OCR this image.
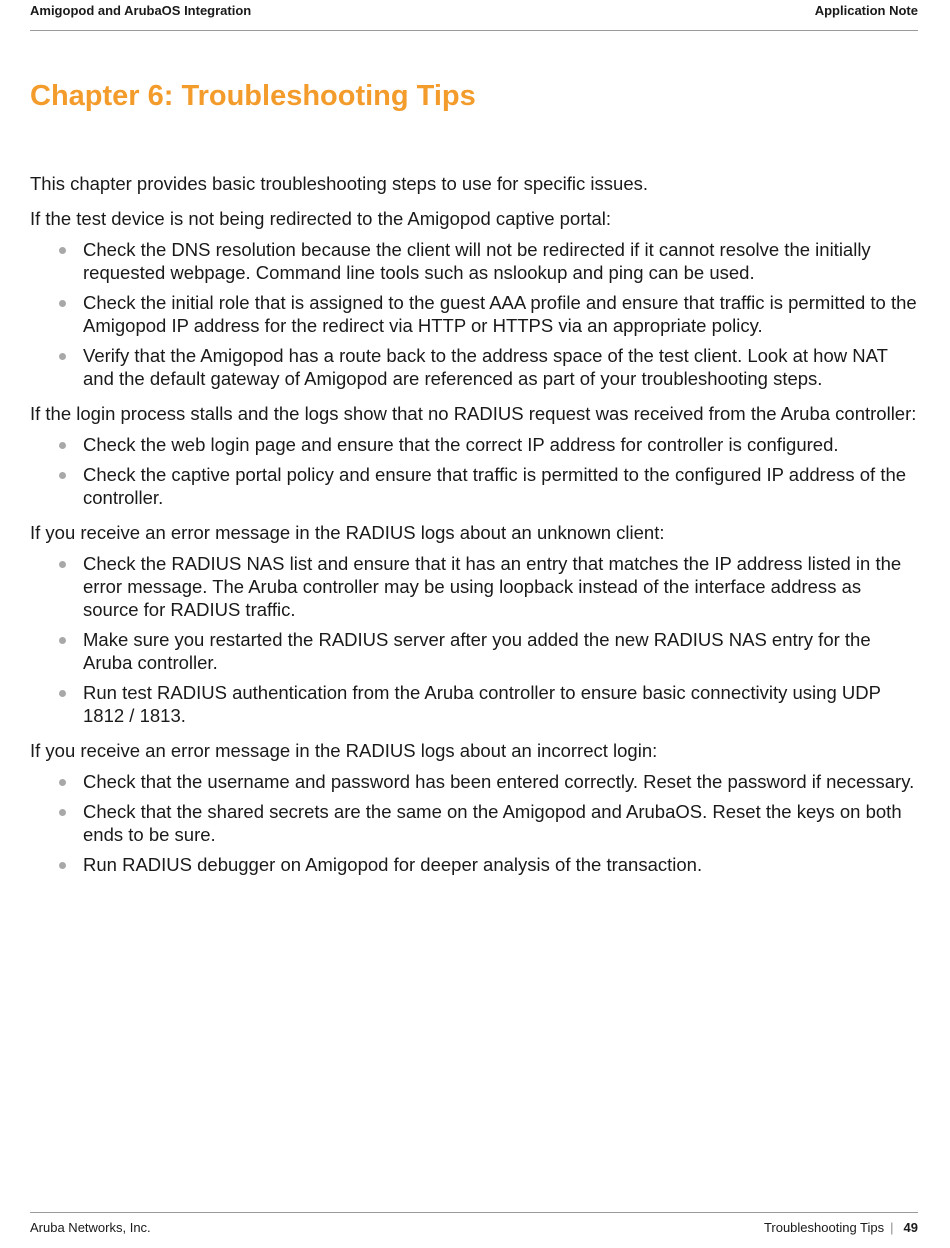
Amigopod and ArubaOS Integration	Application Note
Chapter 6: Troubleshooting Tips

This chapter provides basic troubleshooting steps to use for specific issues.

If the test device is not being redirected to the Amigopod captive portal:

Check the DNS resolution because the client will not be redirected if it cannot resolve the initially requested webpage. Command line tools such as nslookup and ping can be used.
Check the initial role that is assigned to the guest AAA profile and ensure that traffic is permitted to the Amigopod IP address for the redirect via HTTP or HTTPS via an appropriate policy.
Verify that the Amigopod has a route back to the address space of the test client. Look at how NAT and the default gateway of Amigopod are referenced as part of your troubleshooting steps.

If the login process stalls and the logs show that no RADIUS request was received from the Aruba controller:

Check the web login page and ensure that the correct IP address for controller is configured.
Check the captive portal policy and ensure that traffic is permitted to the configured IP address of the controller.

If you receive an error message in the RADIUS logs about an unknown client:

Check the RADIUS NAS list and ensure that it has an entry that matches the IP address listed in the error message. The Aruba controller may be using loopback instead of the interface address as source for RADIUS traffic.
Make sure you restarted the RADIUS server after you added the new RADIUS NAS entry for the Aruba controller.
Run test RADIUS authentication from the Aruba controller to ensure basic connectivity using UDP 1812 / 1813.

If you receive an error message in the RADIUS logs about an incorrect login:

Check that the username and password has been entered correctly. Reset the password if necessary.
Check that the shared secrets are the same on the Amigopod and ArubaOS. Reset the keys on both ends to be sure.
Run RADIUS debugger on Amigopod for deeper analysis of the transaction.
Aruba Networks, Inc.	Troubleshooting Tips | 49
